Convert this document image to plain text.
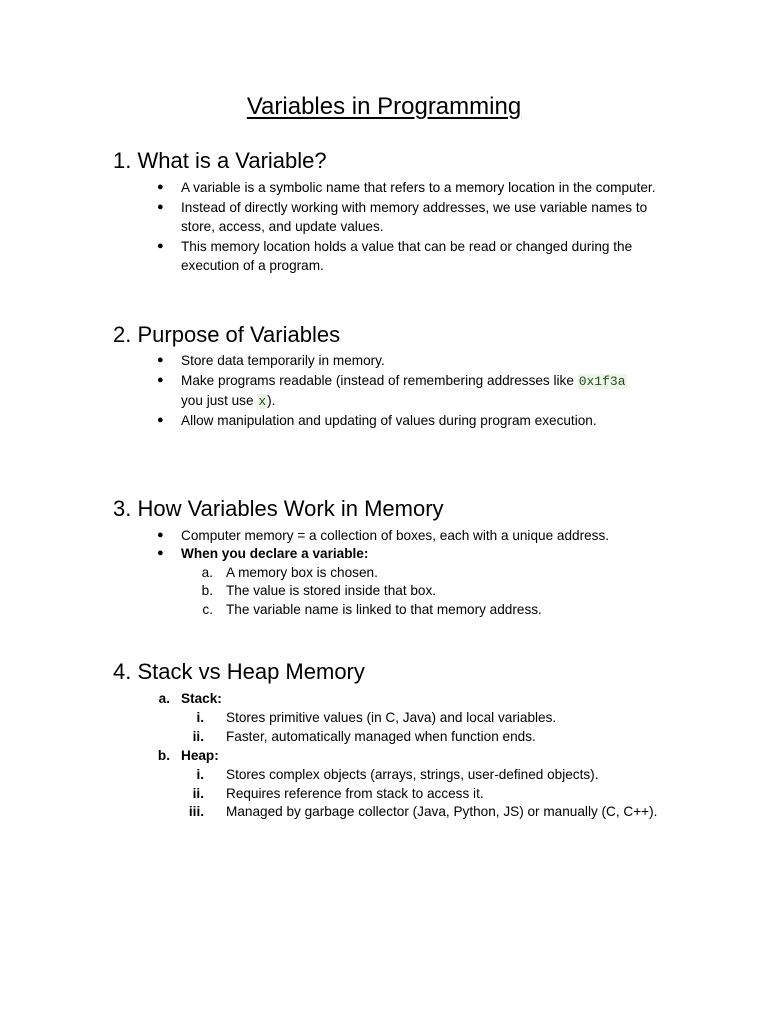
Variables in Programming
1. What is a Variable?
● A variable is a symbolic name that refers to a memory location in the computer.
● Instead of directly working with memory addresses, we use variable names to
store, access, and update values.
● This memory location holds a value that can be read or changed during the
execution of a program.
2. Purpose of Variables
● Store data temporarily in memory.
● Make programs readable (instead of remembering addresses like 0x1f3a
you just use x).
● Allow manipulation and updating of values during program execution.
3. How Variables Work in Memory
● Computer memory = a collection of boxes, each with a unique address.
● When you declare a variable:
a. A memory box is chosen.
b. The value is stored inside that box.
c. The variable name is linked to that memory address.
4. Stack vs Heap Memory
a. Stack:
i. Stores primitive values (in C, Java) and local variables.
ii. Faster, automatically managed when function ends.
b. Heap:
i. Stores complex objects (arrays, strings, user-defined objects).
ii. Requires reference from stack to access it.
iii. Managed by garbage collector (Java, Python, JS) or manually (C, C++).
